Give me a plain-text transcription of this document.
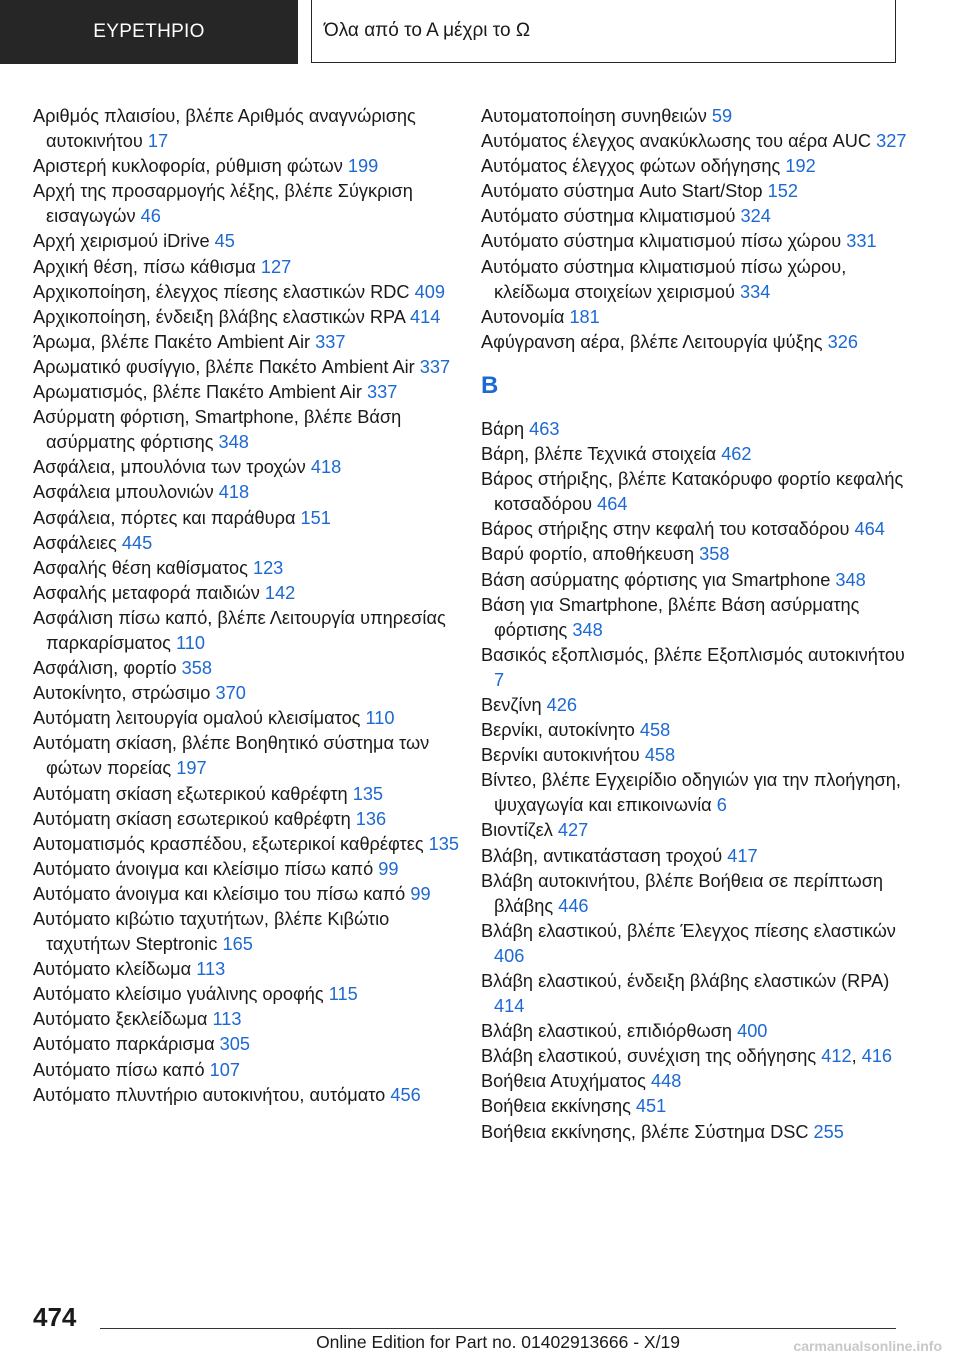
ΕΥΡΕΤΗΡΙΟ	Όλα από το Α μέχρι το Ω
Αριθμός πλαισίου, βλέπε Αριθμός αναγνώρισης αυτοκινήτου 17
Αριστερή κυκλοφορία, ρύθμιση φώτων 199
Αρχή της προσαρμογής λέξης, βλέπε Σύγκριση εισαγωγών 46
Αρχή χειρισμού iDrive 45
Αρχική θέση, πίσω κάθισμα 127
Αρχικοποίηση, έλεγχος πίεσης ελαστικών RDC 409
Αρχικοποίηση, ένδειξη βλάβης ελαστικών RPA 414
Άρωμα, βλέπε Πακέτο Ambient Air 337
Αρωματικό φυσίγγιο, βλέπε Πακέτο Ambient Air 337
Αρωματισμός, βλέπε Πακέτο Ambient Air 337
Ασύρματη φόρτιση, Smartphone, βλέπε Βάση ασύρματης φόρτισης 348
Ασφάλεια, μπουλόνια των τροχών 418
Ασφάλεια μπουλονιών 418
Ασφάλεια, πόρτες και παράθυρα 151
Ασφάλειες 445
Ασφαλής θέση καθίσματος 123
Ασφαλής μεταφορά παιδιών 142
Ασφάλιση πίσω καπό, βλέπε Λειτουργία υπηρεσίας παρκαρίσματος 110
Ασφάλιση, φορτίο 358
Αυτοκίνητο, στρώσιμο 370
Αυτόματη λειτουργία ομαλού κλεισίματος 110
Αυτόματη σκίαση, βλέπε Βοηθητικό σύστημα των φώτων πορείας 197
Αυτόματη σκίαση εξωτερικού καθρέφτη 135
Αυτόματη σκίαση εσωτερικού καθρέφτη 136
Αυτοματισμός κρασπέδου, εξωτερικοί καθρέφτες 135
Αυτόματο άνοιγμα και κλείσιμο πίσω καπό 99
Αυτόματο άνοιγμα και κλείσιμο του πίσω καπό 99
Αυτόματο κιβώτιο ταχυτήτων, βλέπε Κιβώτιο ταχυτήτων Steptronic 165
Αυτόματο κλείδωμα 113
Αυτόματο κλείσιμο γυάλινης οροφής 115
Αυτόματο ξεκλείδωμα 113
Αυτόματο παρκάρισμα 305
Αυτόματο πίσω καπό 107
Αυτόματο πλυντήριο αυτοκινήτου, αυτόματο 456
Αυτοματοποίηση συνηθειών 59
Αυτόματος έλεγχος ανακύκλωσης του αέρα AUC 327
Αυτόματος έλεγχος φώτων οδήγησης 192
Αυτόματο σύστημα Auto Start/Stop 152
Αυτόματο σύστημα κλιματισμού 324
Αυτόματο σύστημα κλιματισμού πίσω χώρου 331
Αυτόματο σύστημα κλιματισμού πίσω χώρου, κλείδωμα στοιχείων χειρισμού 334
Αυτονομία 181
Αφύγρανση αέρα, βλέπε Λειτουργία ψύξης 326
B
Βάρη 463
Βάρη, βλέπε Τεχνικά στοιχεία 462
Βάρος στήριξης, βλέπε Κατακόρυφο φορτίο κεφαλής κοτσαδόρου 464
Βάρος στήριξης στην κεφαλή του κοτσαδόρου 464
Βαρύ φορτίο, αποθήκευση 358
Βάση ασύρματης φόρτισης για Smartphone 348
Βάση για Smartphone, βλέπε Βάση ασύρματης φόρτισης 348
Βασικός εξοπλισμός, βλέπε Εξοπλισμός αυτοκινήτου 7
Βενζίνη 426
Βερνίκι, αυτοκίνητο 458
Βερνίκι αυτοκινήτου 458
Βίντεο, βλέπε Εγχειρίδιο οδηγιών για την πλοήγηση, ψυχαγωγία και επικοινωνία 6
Βιοντίζελ 427
Βλάβη, αντικατάσταση τροχού 417
Βλάβη αυτοκινήτου, βλέπε Βοήθεια σε περίπτωση βλάβης 446
Βλάβη ελαστικού, βλέπε Έλεγχος πίεσης ελαστικών 406
Βλάβη ελαστικού, ένδειξη βλάβης ελαστικών (RPA) 414
Βλάβη ελαστικού, επιδιόρθωση 400
Βλάβη ελαστικού, συνέχιση της οδήγησης 412, 416
Βοήθεια Ατυχήματος 448
Βοήθεια εκκίνησης 451
Βοήθεια εκκίνησης, βλέπε Σύστημα DSC 255
474
Online Edition for Part no. 01402913666 - X/19	carmanualsonline.info
